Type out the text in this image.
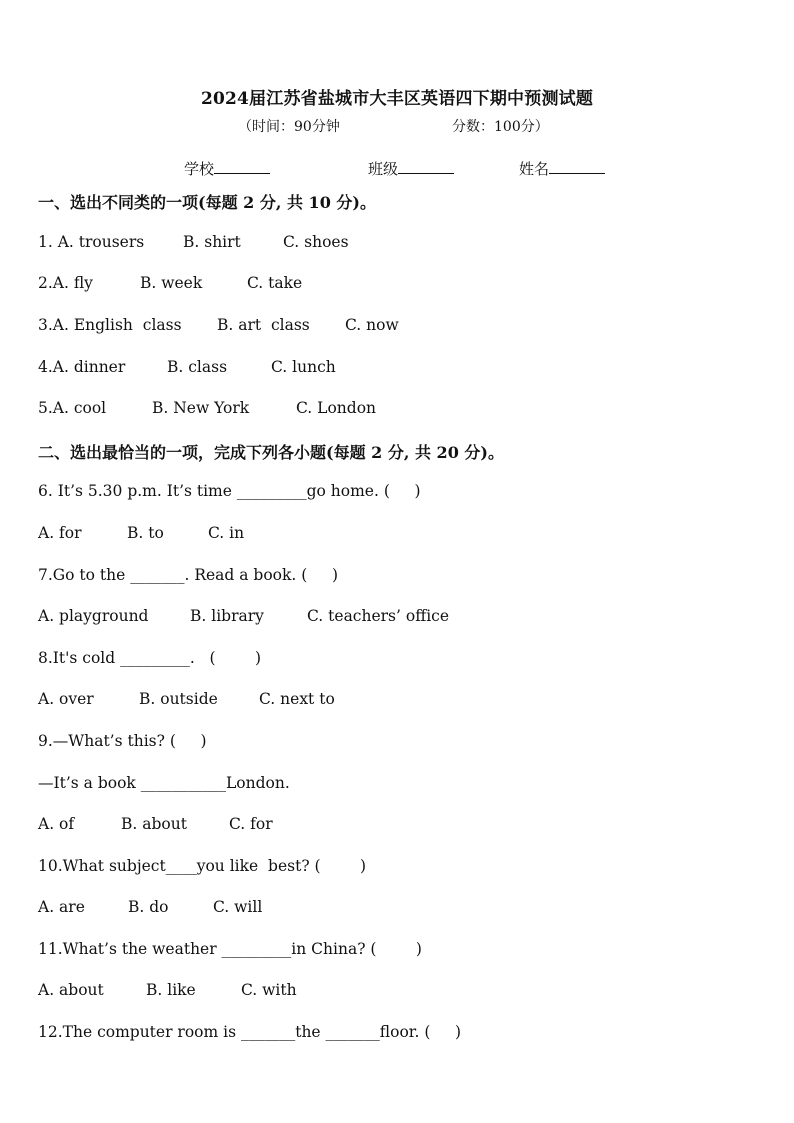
2024届江苏省盐城市大丰区英语四下期中预测试题
（时间：90分钟	分数：100分）
学校	班级	姓名
一、选出不同类的一项(每题 2 分, 共 10 分)。
1. A. trousers	B. shirt	C. shoes
2.A. fly	B. week	C. take
3.A. English  class B. art  class C. now
4.A. dinner	B. class	C. lunch
5.A. cool	B. New York	C. London
二、选出最恰当的一项，完成下列各小题(每题 2 分, 共 20 分)。
6. It’s 5.30 p.m. It’s time _________go home. (     )
A. for	B. to	C. in
7.Go to the _______. Read a book. (     )
A. playground	B. library	C. teachers’ office
8.It's cold _________.   (        )
A. over	B. outside	C. next to
9.—What’s this? (     )
—It’s a book ___________London.
A. of	B. about	C. for
10.What subject____you like  best? (        )
A. are	B. do	C. will
11.What’s the weather _________in China? (        )
A. about	B. like	C. with
12.The computer room is _______the _______floor. (     )
